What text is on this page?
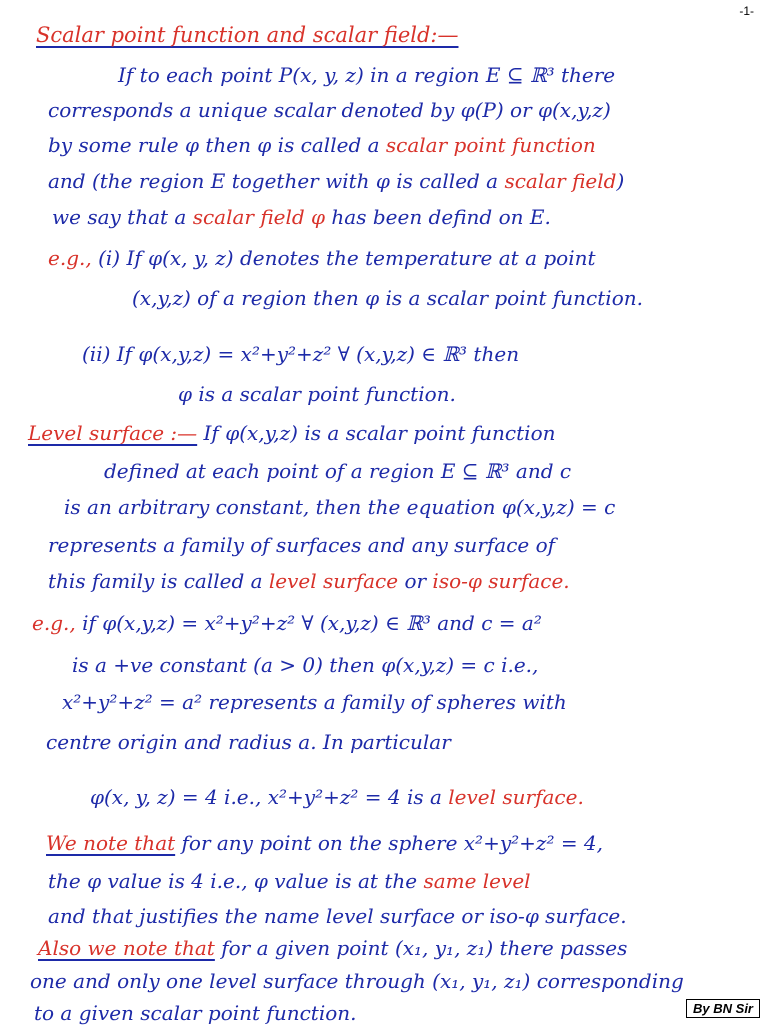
-1-
Scalar point function and scalar field:—
If to each point P(x, y, z) in a region E ⊆ ℝ³ there
corresponds a unique scalar denoted by φ(P) or φ(x,y,z)
by some rule φ then φ is called a scalar point function
and (the region E together with φ is called a scalar field)
we say that a scalar field φ has been defind on E.
e.g., (i) If φ(x, y, z) denotes the temperature at a point
(x,y,z) of a region then φ is a scalar point function.
(ii) If φ(x,y,z) = x²+y²+z² ∀ (x,y,z) ∈ ℝ³ then
φ is a scalar point function.
Level surface :— If φ(x,y,z) is a scalar point function
defined at each point of a region E ⊆ ℝ³ and c
is an arbitrary constant, then the equation φ(x,y,z) = c
represents a family of surfaces and any surface of
this family is called a level surface or iso-φ surface.
e.g., if φ(x,y,z) = x²+y²+z² ∀ (x,y,z) ∈ ℝ³ and c = a²
is a +ve constant (a > 0) then φ(x,y,z) = c i.e.,
x²+y²+z² = a² represents a family of spheres with
centre origin and radius a. In particular
φ(x, y, z) = 4 i.e., x²+y²+z² = 4 is a level surface.
We note that for any point on the sphere x²+y²+z² = 4,
the φ value is 4 i.e., φ value is at the same level
and that justifies the name level surface or iso-φ surface.
Also we note that for a given point (x₁, y₁, z₁) there passes
one and only one level surface through (x₁, y₁, z₁) corresponding
to a given scalar point function.	By BN Sir
